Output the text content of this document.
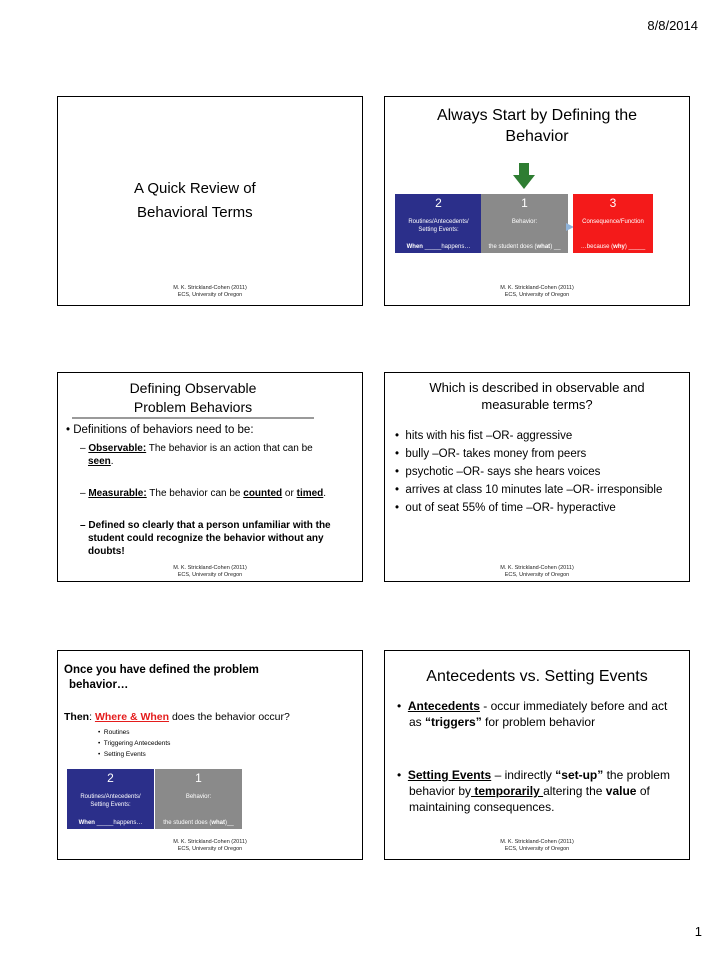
8/8/2014
A Quick Review of
Behavioral Terms
M. K. Strickland-Cohen (2011)
ECS, University of Oregon
Always Start by Defining the
Behavior
2
Routines/Antecedents/
Setting Events:
When _____happens…
1
Behavior:
the student does (what) __
3
Consequence/Function
…because (why) _____
M. K. Strickland-Cohen (2011)
ECS, University of Oregon
Defining Observable
Problem Behaviors
• Definitions of behaviors need to be:
– Observable: The behavior is an action that can be seen.
– Measurable: The behavior can be counted or timed.
– Defined so clearly that a person unfamiliar with the student could recognize the behavior without any doubts!
M. K. Strickland-Cohen (2011)
ECS, University of Oregon
Which is described in observable and
measurable terms?
•  hits with his fist –OR- aggressive
•  bully –OR- takes money from peers
•  psychotic –OR- says she hears voices
•  arrives at class 10 minutes late –OR- irresponsible
•  out of seat 55% of time –OR- hyperactive
M. K. Strickland-Cohen (2011)
ECS, University of Oregon
Once you have defined the problem
behavior…
Then: Where & When does the behavior occur?
•  Routines
•  Triggering Antecedents
•  Setting Events
2
Routines/Antecedents/
Setting Events:
When _____happens…
1
Behavior:
the student does (what)__
M. K. Strickland-Cohen (2011)
ECS, University of Oregon
Antecedents vs. Setting Events
•  Antecedents - occur immediately before and act as “triggers” for problem behavior
•  Setting Events – indirectly “set-up” the problem behavior by temporarily altering the value of maintaining consequences.
M. K. Strickland-Cohen (2011)
ECS, University of Oregon
1
